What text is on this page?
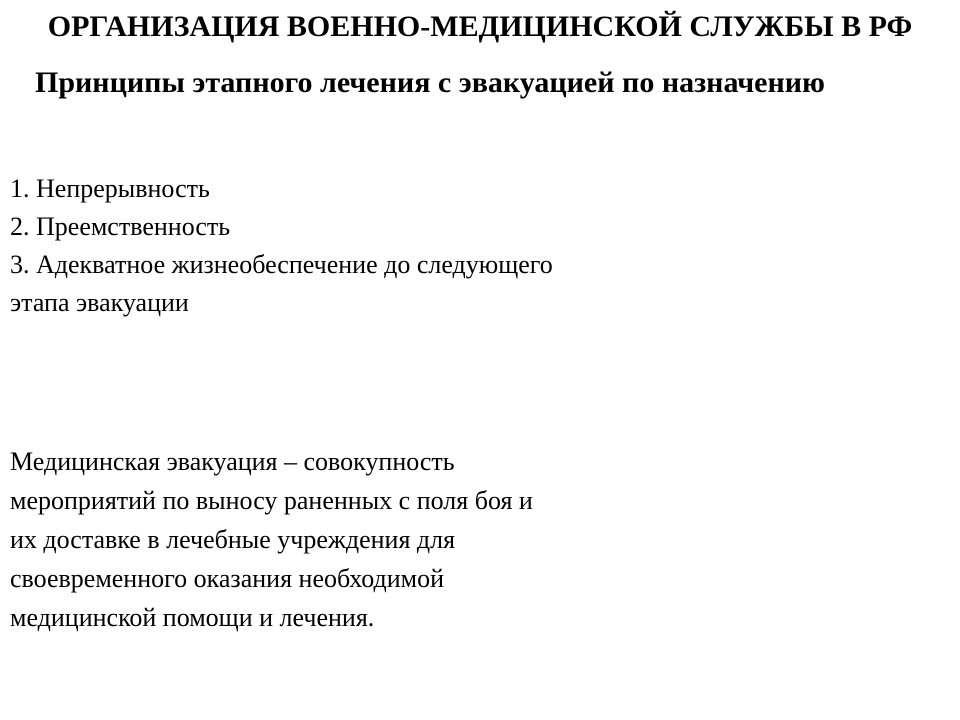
ОРГАНИЗАЦИЯ ВОЕННО-МЕДИЦИНСКОЙ СЛУЖБЫ В РФ
Принципы этапного лечения с эвакуацией по назначению
1. Непрерывность
2. Преемственность
3. Адекватное жизнеобеспечение до следующего этапа эвакуации

Медицинская эвакуация – совокупность мероприятий по выносу раненных с поля боя и их доставке в лечебные учреждения для своевременного оказания необходимой медицинской помощи и лечения.
